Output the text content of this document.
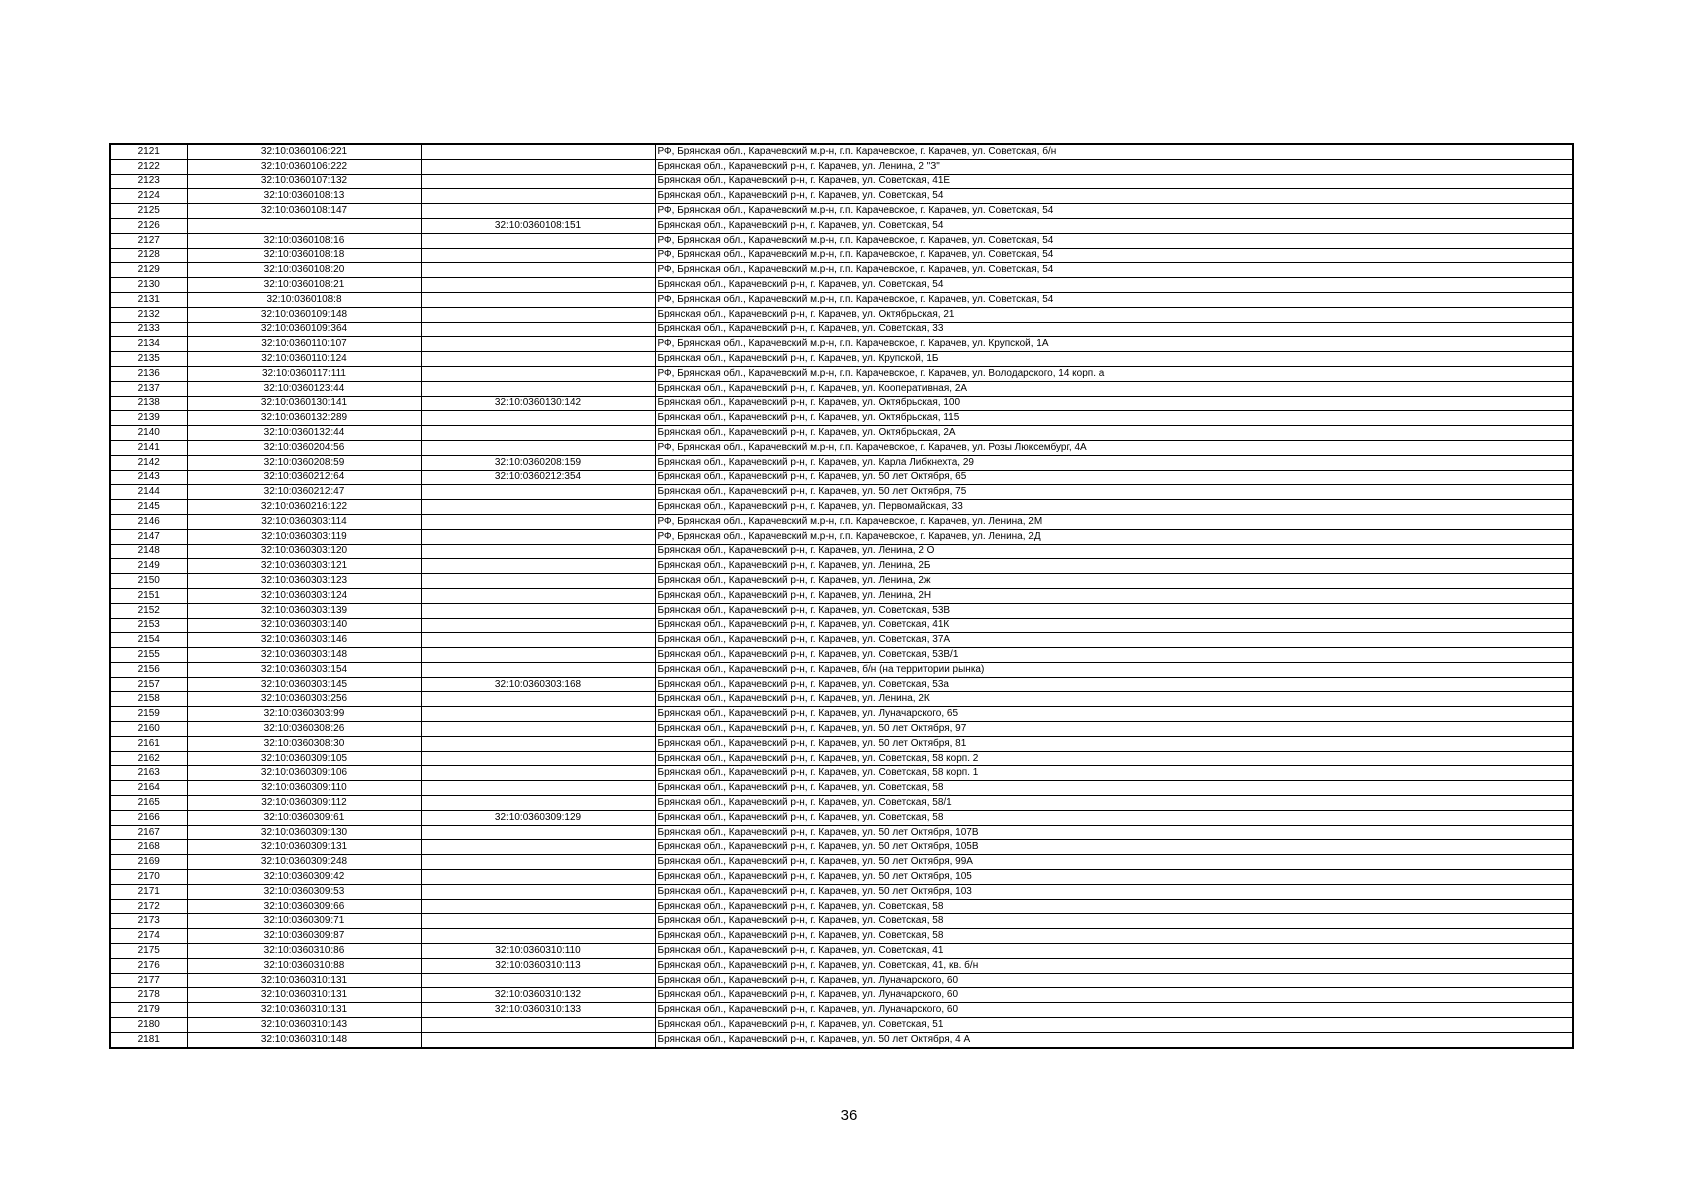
2121	32:10:0360106:221		РФ, Брянская обл., Карачевский м.р-н, г.п. Карачевское, г. Карачев, ул. Советская, б/н
2122	32:10:0360106:222		Брянская обл., Карачевский р-н, г. Карачев, ул. Ленина, 2 "З"
2123	32:10:0360107:132		Брянская обл., Карачевский р-н, г. Карачев, ул. Советская, 41Е
2124	32:10:0360108:13		Брянская обл., Карачевский р-н, г. Карачев, ул. Советская, 54
2125	32:10:0360108:147		РФ, Брянская обл., Карачевский м.р-н, г.п. Карачевское, г. Карачев, ул. Советская, 54
2126		32:10:0360108:151	Брянская обл., Карачевский р-н, г. Карачев, ул. Советская, 54
2127	32:10:0360108:16		РФ, Брянская обл., Карачевский м.р-н, г.п. Карачевское, г. Карачев, ул. Советская, 54
2128	32:10:0360108:18		РФ, Брянская обл., Карачевский м.р-н, г.п. Карачевское, г. Карачев, ул. Советская, 54
2129	32:10:0360108:20		РФ, Брянская обл., Карачевский м.р-н, г.п. Карачевское, г. Карачев, ул. Советская, 54
2130	32:10:0360108:21		Брянская обл., Карачевский р-н, г. Карачев, ул. Советская, 54
2131	32:10:0360108:8		РФ, Брянская обл., Карачевский м.р-н, г.п. Карачевское, г. Карачев, ул. Советская, 54
2132	32:10:0360109:148		Брянская обл., Карачевский р-н, г. Карачев, ул. Октябрьская, 21
2133	32:10:0360109:364		Брянская обл., Карачевский р-н, г. Карачев, ул. Советская, 33
2134	32:10:0360110:107		РФ, Брянская обл., Карачевский м.р-н, г.п. Карачевское, г. Карачев, ул. Крупской, 1А
2135	32:10:0360110:124		Брянская обл., Карачевский р-н, г. Карачев, ул. Крупской, 1Б
2136	32:10:0360117:111		РФ, Брянская обл., Карачевский м.р-н, г.п. Карачевское, г. Карачев, ул. Володарского, 14 корп. а
2137	32:10:0360123:44		Брянская обл., Карачевский р-н, г. Карачев, ул. Кооперативная, 2А
2138	32:10:0360130:141	32:10:0360130:142	Брянская обл., Карачевский р-н, г. Карачев, ул. Октябрьская, 100
2139	32:10:0360132:289		Брянская обл., Карачевский р-н, г. Карачев, ул. Октябрьская, 115
2140	32:10:0360132:44		Брянская обл., Карачевский р-н, г. Карачев, ул. Октябрьская, 2А
2141	32:10:0360204:56		РФ, Брянская обл., Карачевский м.р-н, г.п. Карачевское, г. Карачев, ул. Розы Люксембург, 4А
2142	32:10:0360208:59	32:10:0360208:159	Брянская обл., Карачевский р-н, г. Карачев, ул. Карла Либкнехта, 29
2143	32:10:0360212:64	32:10:0360212:354	Брянская обл., Карачевский р-н, г. Карачев, ул. 50 лет Октября, 65
2144	32:10:0360212:47		Брянская обл., Карачевский р-н, г. Карачев, ул. 50 лет Октября, 75
2145	32:10:0360216:122		Брянская обл., Карачевский р-н, г. Карачев, ул. Первомайская, 33
2146	32:10:0360303:114		РФ, Брянская обл., Карачевский м.р-н, г.п. Карачевское, г. Карачев, ул. Ленина, 2М
2147	32:10:0360303:119		РФ, Брянская обл., Карачевский м.р-н, г.п. Карачевское, г. Карачев, ул. Ленина, 2Д
2148	32:10:0360303:120		Брянская обл., Карачевский р-н, г. Карачев, ул. Ленина, 2 О
2149	32:10:0360303:121		Брянская обл., Карачевский р-н, г. Карачев, ул. Ленина, 2Б
2150	32:10:0360303:123		Брянская обл., Карачевский р-н, г. Карачев, ул. Ленина, 2ж
2151	32:10:0360303:124		Брянская обл., Карачевский р-н, г. Карачев, ул. Ленина, 2Н
2152	32:10:0360303:139		Брянская обл., Карачевский р-н, г. Карачев, ул. Советская, 53В
2153	32:10:0360303:140		Брянская обл., Карачевский р-н, г. Карачев, ул. Советская, 41К
2154	32:10:0360303:146		Брянская обл., Карачевский р-н, г. Карачев, ул. Советская, 37А
2155	32:10:0360303:148		Брянская обл., Карачевский р-н, г. Карачев, ул. Советская, 53В/1
2156	32:10:0360303:154		Брянская обл., Карачевский р-н, г. Карачев, б/н (на территории рынка)
2157	32:10:0360303:145	32:10:0360303:168	Брянская обл., Карачевский р-н, г. Карачев, ул. Советская, 53а
2158	32:10:0360303:256		Брянская обл., Карачевский р-н, г. Карачев, ул. Ленина, 2К
2159	32:10:0360303:99		Брянская обл., Карачевский р-н, г. Карачев, ул. Луначарского, 65
2160	32:10:0360308:26		Брянская обл., Карачевский р-н, г. Карачев, ул. 50 лет Октября, 97
2161	32:10:0360308:30		Брянская обл., Карачевский р-н, г. Карачев, ул. 50 лет Октября, 81
2162	32:10:0360309:105		Брянская обл., Карачевский р-н, г. Карачев, ул. Советская, 58 корп. 2
2163	32:10:0360309:106		Брянская обл., Карачевский р-н, г. Карачев, ул. Советская, 58 корп. 1
2164	32:10:0360309:110		Брянская обл., Карачевский р-н, г. Карачев, ул. Советская, 58
2165	32:10:0360309:112		Брянская обл., Карачевский р-н, г. Карачев, ул. Советская, 58/1
2166	32:10:0360309:61	32:10:0360309:129	Брянская обл., Карачевский р-н, г. Карачев, ул. Советская, 58
2167	32:10:0360309:130		Брянская обл., Карачевский р-н, г. Карачев, ул. 50 лет Октября, 107В
2168	32:10:0360309:131		Брянская обл., Карачевский р-н, г. Карачев, ул. 50 лет Октября, 105В
2169	32:10:0360309:248		Брянская обл., Карачевский р-н, г. Карачев, ул. 50 лет Октября, 99А
2170	32:10:0360309:42		Брянская обл., Карачевский р-н, г. Карачев, ул. 50 лет Октября, 105
2171	32:10:0360309:53		Брянская обл., Карачевский р-н, г. Карачев, ул. 50 лет Октября, 103
2172	32:10:0360309:66		Брянская обл., Карачевский р-н, г. Карачев, ул. Советская, 58
2173	32:10:0360309:71		Брянская обл., Карачевский р-н, г. Карачев, ул. Советская, 58
2174	32:10:0360309:87		Брянская обл., Карачевский р-н, г. Карачев, ул. Советская, 58
2175	32:10:0360310:86	32:10:0360310:110	Брянская обл., Карачевский р-н, г. Карачев, ул. Советская, 41
2176	32:10:0360310:88	32:10:0360310:113	Брянская обл., Карачевский р-н, г. Карачев, ул. Советская, 41, кв. б/н
2177	32:10:0360310:131		Брянская обл., Карачевский р-н, г. Карачев, ул. Луначарского, 60
2178	32:10:0360310:131	32:10:0360310:132	Брянская обл., Карачевский р-н, г. Карачев, ул. Луначарского, 60
2179	32:10:0360310:131	32:10:0360310:133	Брянская обл., Карачевский р-н, г. Карачев, ул. Луначарского, 60
2180	32:10:0360310:143		Брянская обл., Карачевский р-н, г. Карачев, ул. Советская, 51
2181	32:10:0360310:148		Брянская обл., Карачевский р-н, г. Карачев, ул. 50 лет Октября, 4 А
36
